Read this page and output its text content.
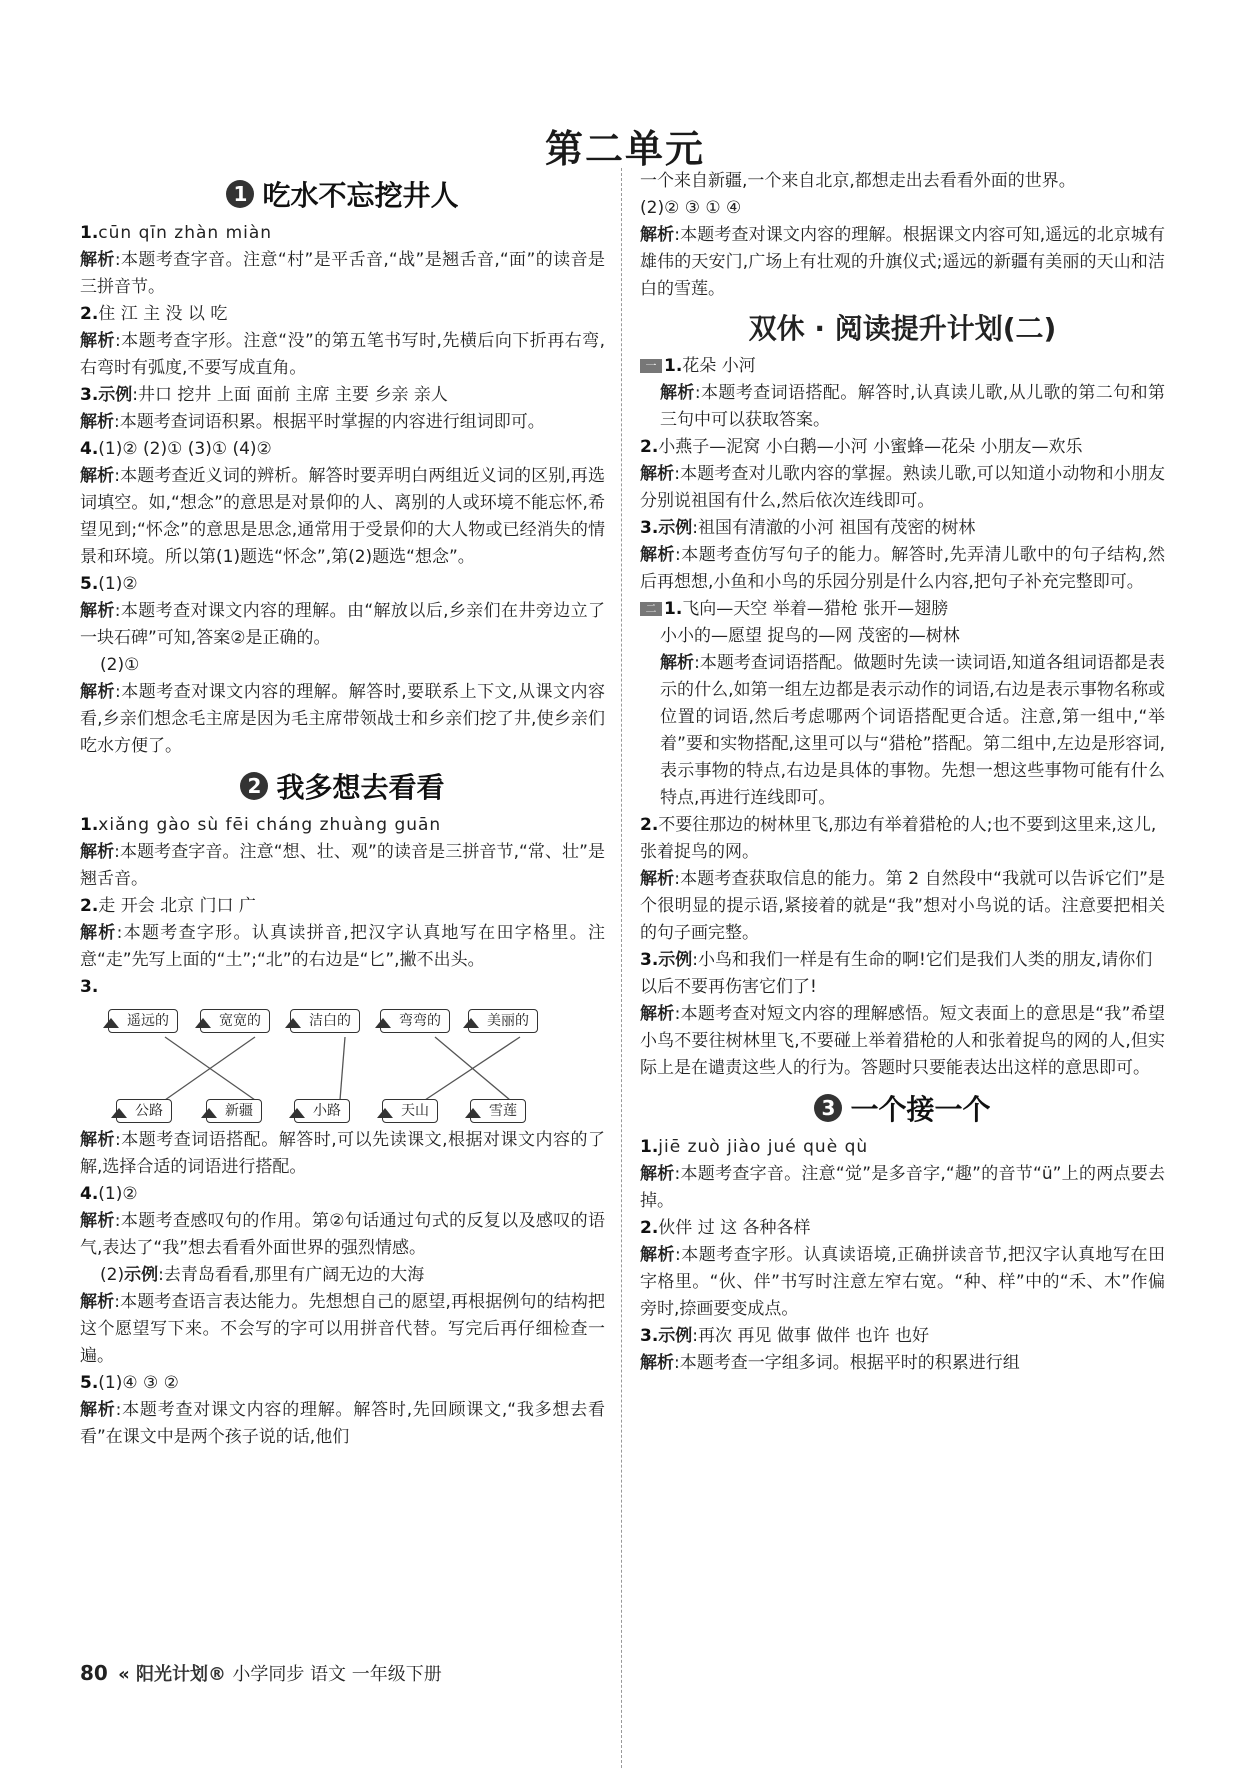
第二单元
1 吃水不忘挖井人
1.cūn qīn zhàn miàn
解析:本题考查字音。注意“村”是平舌音,“战”是翘舌音,“面”的读音是三拼音节。
2.住 江 主 没 以 吃
解析:本题考查字形。注意“没”的第五笔书写时,先横后向下折再右弯,右弯时有弧度,不要写成直角。
3.示例:井口 挖井 上面 面前 主席 主要 乡亲 亲人
解析:本题考查词语积累。根据平时掌握的内容进行组词即可。
4.(1)② (2)① (3)① (4)②
解析:本题考查近义词的辨析。解答时要弄明白两组近义词的区别,再选词填空。如,“想念”的意思是对景仰的人、离别的人或环境不能忘怀,希望见到;“怀念”的意思是思念,通常用于受景仰的大人物或已经消失的情景和环境。所以第(1)题选“怀念”,第(2)题选“想念”。
5.(1)②
解析:本题考查对课文内容的理解。由“解放以后,乡亲们在井旁边立了一块石碑”可知,答案②是正确的。
(2)①
解析:本题考查对课文内容的理解。解答时,要联系上下文,从课文内容看,乡亲们想念毛主席是因为毛主席带领战士和乡亲们挖了井,使乡亲们吃水方便了。
2 我多想去看看
1.xiǎng gào sù fēi cháng zhuàng guān
解析:本题考查字音。注意“想、壮、观”的读音是三拼音节,“常、壮”是翘舌音。
2.走 开会 北京 门口 广
解析:本题考查字形。认真读拼音,把汉字认真地写在田字格里。注意“走”先写上面的“土”;“北”的右边是“匕”,撇不出头。
3.
遥远的	宽宽的	洁白的	弯弯的	美丽的
公路	新疆	小路	天山	雪莲
解析:本题考查词语搭配。解答时,可以先读课文,根据对课文内容的了解,选择合适的词语进行搭配。
4.(1)②
解析:本题考查感叹句的作用。第②句话通过句式的反复以及感叹的语气,表达了“我”想去看看外面世界的强烈情感。
(2)示例:去青岛看看,那里有广阔无边的大海
解析:本题考查语言表达能力。先想想自己的愿望,再根据例句的结构把这个愿望写下来。不会写的字可以用拼音代替。写完后再仔细检查一遍。
5.(1)④ ③ ②
解析:本题考查对课文内容的理解。解答时,先回顾课文,“我多想去看看”在课文中是两个孩子说的话,他们
一个来自新疆,一个来自北京,都想走出去看看外面的世界。
(2)② ③ ① ④
解析:本题考查对课文内容的理解。根据课文内容可知,遥远的北京城有雄伟的天安门,广场上有壮观的升旗仪式;遥远的新疆有美丽的天山和洁白的雪莲。
双休 · 阅读提升计划(二)
一 1.花朵 小河
解析:本题考查词语搭配。解答时,认真读儿歌,从儿歌的第二句和第三句中可以获取答案。
2.小燕子—泥窝 小白鹅—小河 小蜜蜂—花朵 小朋友—欢乐
解析:本题考查对儿歌内容的掌握。熟读儿歌,可以知道小动物和小朋友分别说祖国有什么,然后依次连线即可。
3.示例:祖国有清澈的小河 祖国有茂密的树林
解析:本题考查仿写句子的能力。解答时,先弄清儿歌中的句子结构,然后再想想,小鱼和小鸟的乐园分别是什么内容,把句子补充完整即可。
二 1.飞向—天空 举着—猎枪 张开—翅膀
小小的—愿望 捉鸟的—网 茂密的—树林
解析:本题考查词语搭配。做题时先读一读词语,知道各组词语都是表示的什么,如第一组左边都是表示动作的词语,右边是表示事物名称或位置的词语,然后考虑哪两个词语搭配更合适。注意,第一组中,“举着”要和实物搭配,这里可以与“猎枪”搭配。第二组中,左边是形容词,表示事物的特点,右边是具体的事物。先想一想这些事物可能有什么特点,再进行连线即可。
2.不要往那边的树林里飞,那边有举着猎枪的人;也不要到这里来,这儿,张着捉鸟的网。
解析:本题考查获取信息的能力。第 2 自然段中“我就可以告诉它们”是个很明显的提示语,紧接着的就是“我”想对小鸟说的话。注意要把相关的句子画完整。
3.示例:小鸟和我们一样是有生命的啊!它们是我们人类的朋友,请你们以后不要再伤害它们了!
解析:本题考查对短文内容的理解感悟。短文表面上的意思是“我”希望小鸟不要往树林里飞,不要碰上举着猎枪的人和张着捉鸟的网的人,但实际上是在谴责这些人的行为。答题时只要能表达出这样的意思即可。
3 一个接一个
1.jiē zuò jiào jué què qù
解析:本题考查字音。注意“觉”是多音字,“趣”的音节“ü”上的两点要去掉。
2.伙伴 过 这 各种各样
解析:本题考查字形。认真读语境,正确拼读音节,把汉字认真地写在田字格里。“伙、伴”书写时注意左窄右宽。“种、样”中的“禾、木”作偏旁时,捺画要变成点。
3.示例:再次 再见 做事 做伴 也许 也好
解析:本题考查一字组多词。根据平时的积累进行组
80 « 阳光计划® 小学同步 语文 一年级下册
